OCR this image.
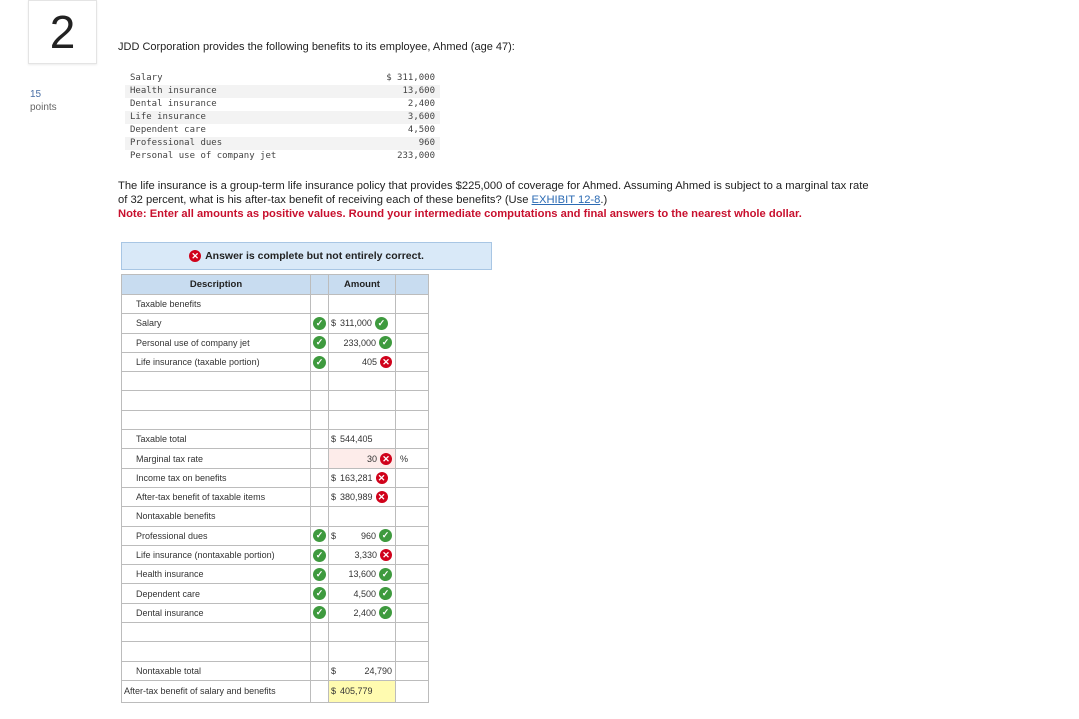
2
15
points
JDD Corporation provides the following benefits to its employee, Ahmed (age 47):
Salary	$ 311,000
Health insurance	13,600
Dental insurance	2,400
Life insurance	3,600
Dependent care	4,500
Professional dues	960
Personal use of company jet	233,000
The life insurance is a group-term life insurance policy that provides $225,000 of coverage for Ahmed. Assuming Ahmed is subject to a marginal tax rate of 32 percent, what is his after-tax benefit of receiving each of these benefits? (Use EXHIBIT 12-8.)
Note: Enter all amounts as positive values. Round your intermediate computations and final answers to the nearest whole dollar.
✕ Answer is complete but not entirely correct.
Description		Amount	
Taxable benefits		

Salary	✓	$ 311,000 ✓	

Personal use of company jet	✓	233,000 ✓	

Life insurance (taxable portion)	✓	405 ✕	

Taxable total		$ 544,405	

Marginal tax rate		30 ✕	%
Income tax on benefits		$ 163,281 ✕	

After-tax benefit of taxable items		$ 380,989 ✕	

Nontaxable benefits		

Professional dues	✓	$ 960 ✓	

Life insurance (nontaxable portion)	✓	3,330 ✕	

Health insurance	✓	13,600 ✓	

Dependent care	✓	4,500 ✓	

Dental insurance	✓	2,400 ✓	

Nontaxable total		$ 24,790	

After-tax benefit of salary and benefits		$ 405,779	
